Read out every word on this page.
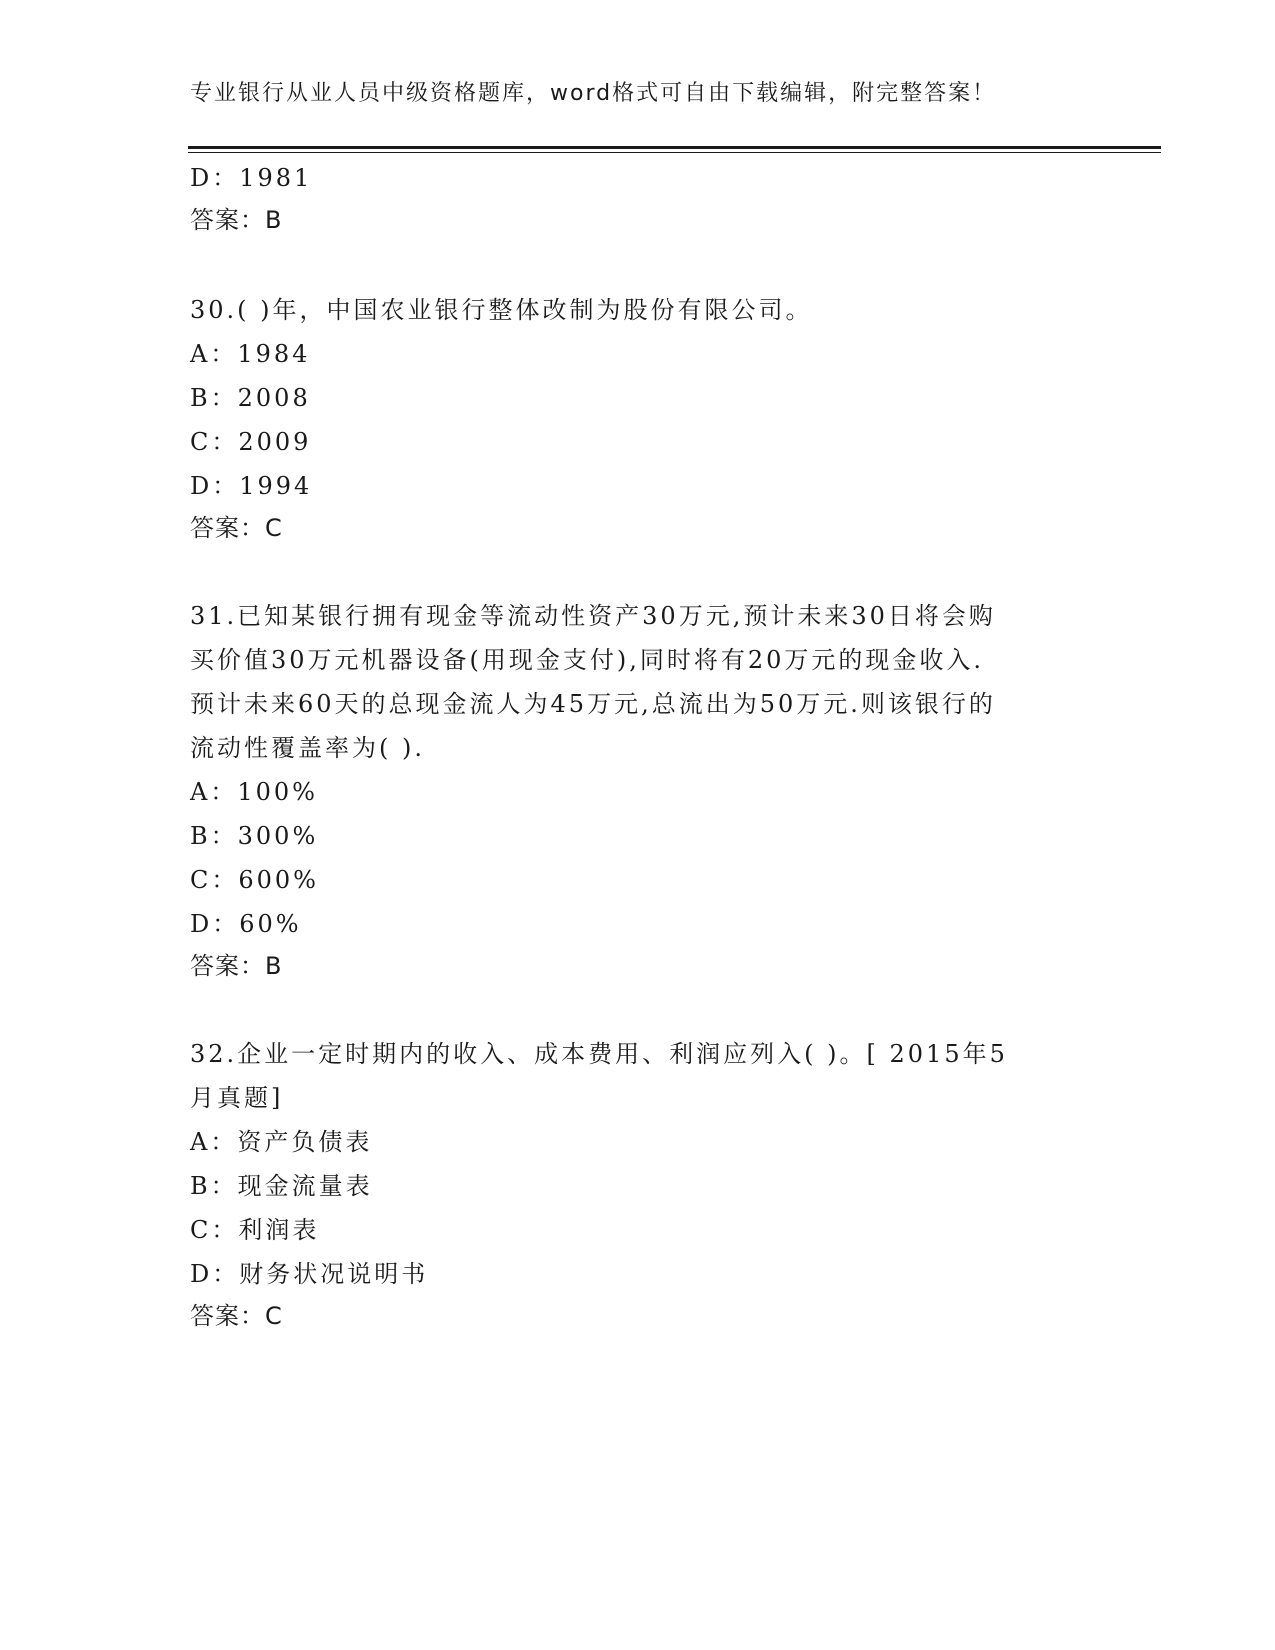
专业银行从业人员中级资格题库，word格式可自由下载编辑，附完整答案！
D：1981
答案：B
30.( )年，中国农业银行整体改制为股份有限公司。
A：1984
B：2008
C：2009
D：1994
答案：C
31.已知某银行拥有现金等流动性资产30万元,预计未来30日将会购
买价值30万元机器设备(用现金支付),同时将有20万元的现金收入.
预计未来60天的总现金流人为45万元,总流出为50万元.则该银行的
流动性覆盖率为( ).
A：100%
B：300%
C：600%
D：60%
答案：B
32.企业一定时期内的收入、成本费用、利润应列入( )。[ 2015年5
月真题]
A：资产负债表
B：现金流量表
C：利润表
D：财务状况说明书
答案：C
